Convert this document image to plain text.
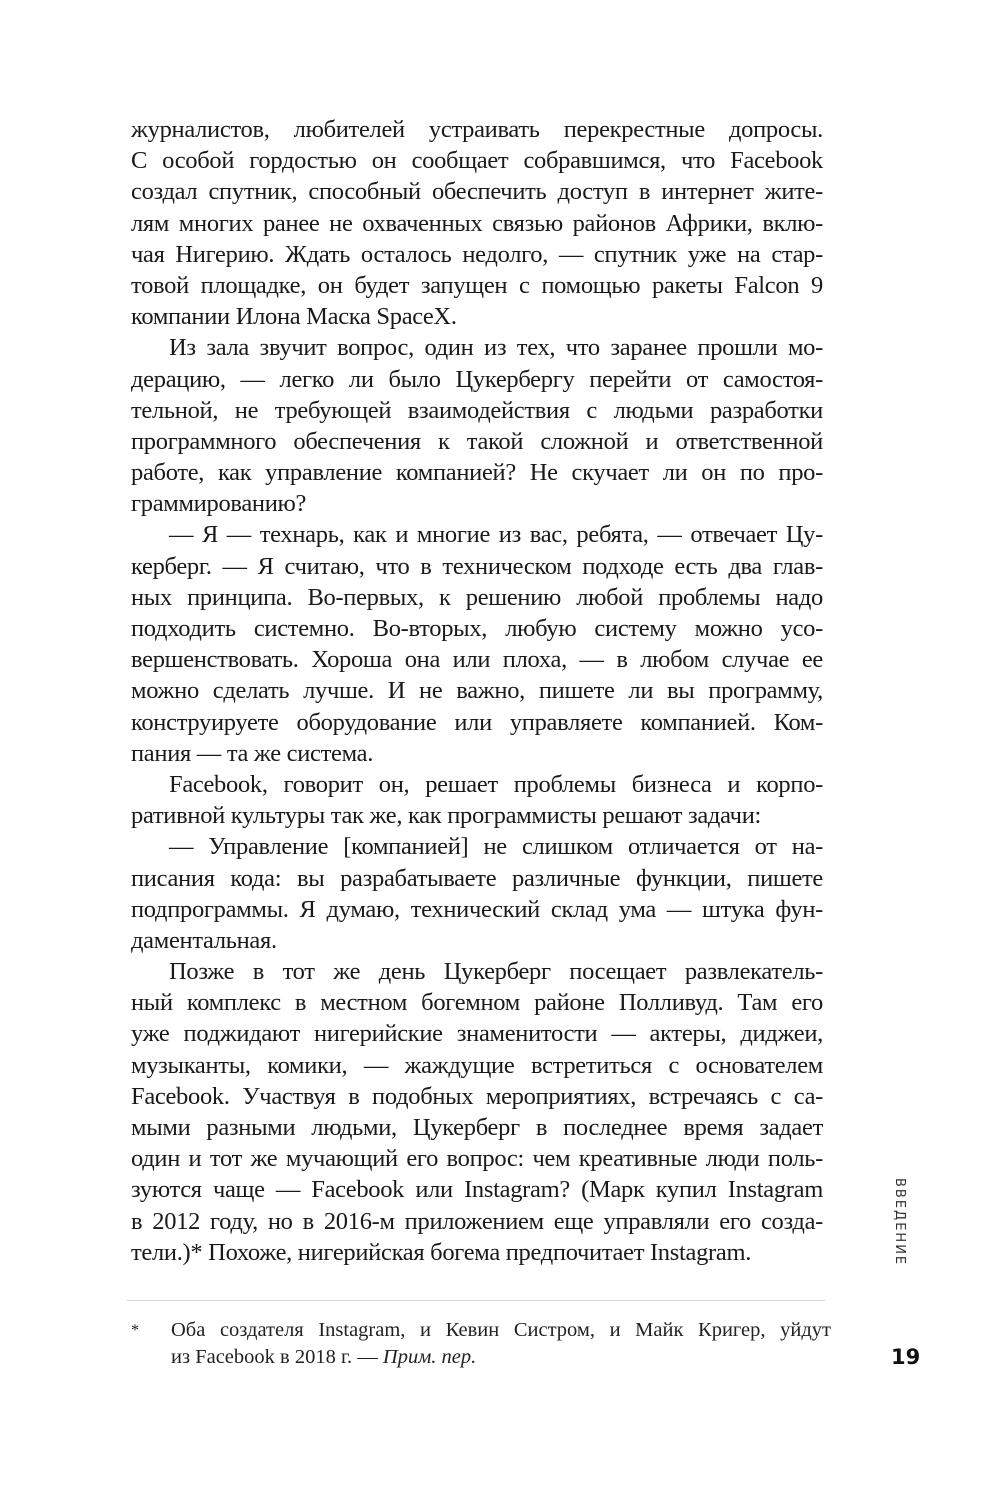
журналистов, любителей устраивать перекрестные допросы.
С особой гордостью он сообщает собравшимся, что Facebook
создал спутник, способный обеспечить доступ в интернет жите-
лям многих ранее не охваченных связью районов Африки, вклю-
чая Нигерию. Ждать осталось недолго, — спутник уже на стар-
товой площадке, он будет запущен с помощью ракеты Falcon 9
компании Илона Маска SpaceX.
Из зала звучит вопрос, один из тех, что заранее прошли мо-
дерацию, — легко ли было Цукербергу перейти от самостоя-
тельной, не требующей взаимодействия с людьми разработки
программного обеспечения к такой сложной и ответственной
работе, как управление компанией? Не скучает ли он по про-
граммированию?
— Я — технарь, как и многие из вас, ребята, — отвечает Цу-
керберг. — Я считаю, что в техническом подходе есть два глав-
ных принципа. Во-первых, к решению любой проблемы надо
подходить системно. Во-вторых, любую систему можно усо-
вершенствовать. Хороша она или плоха, — в любом случае ее
можно сделать лучше. И не важно, пишете ли вы программу,
конструируете оборудование или управляете компанией. Ком-
пания — та же система.
Facebook, говорит он, решает проблемы бизнеса и корпо-
ративной культуры так же, как программисты решают задачи:
— Управление [компанией] не слишком отличается от на-
писания кода: вы разрабатываете различные функции, пишете
подпрограммы. Я думаю, технический склад ума — штука фун-
даментальная.
Позже в тот же день Цукерберг посещает развлекатель-
ный комплекс в местном богемном районе Полливуд. Там его
уже поджидают нигерийские знаменитости — актеры, диджеи,
музыканты, комики, — жаждущие встретиться с основателем
Facebook. Участвуя в подобных мероприятиях, встречаясь с са-
мыми разными людьми, Цукерберг в последнее время задает
один и тот же мучающий его вопрос: чем креативные люди поль-
зуются чаще — Facebook или Instagram? (Марк купил Instagram
в 2012 году, но в 2016-м приложением еще управляли его созда-
тели.)* Похоже, нигерийская богема предпочитает Instagram.
* Оба создателя Instagram, и Кевин Систром, и Майк Кригер, уйдут
из Facebook в 2018 г. — Прим. пер.
ВВЕДЕНИЕ
19
